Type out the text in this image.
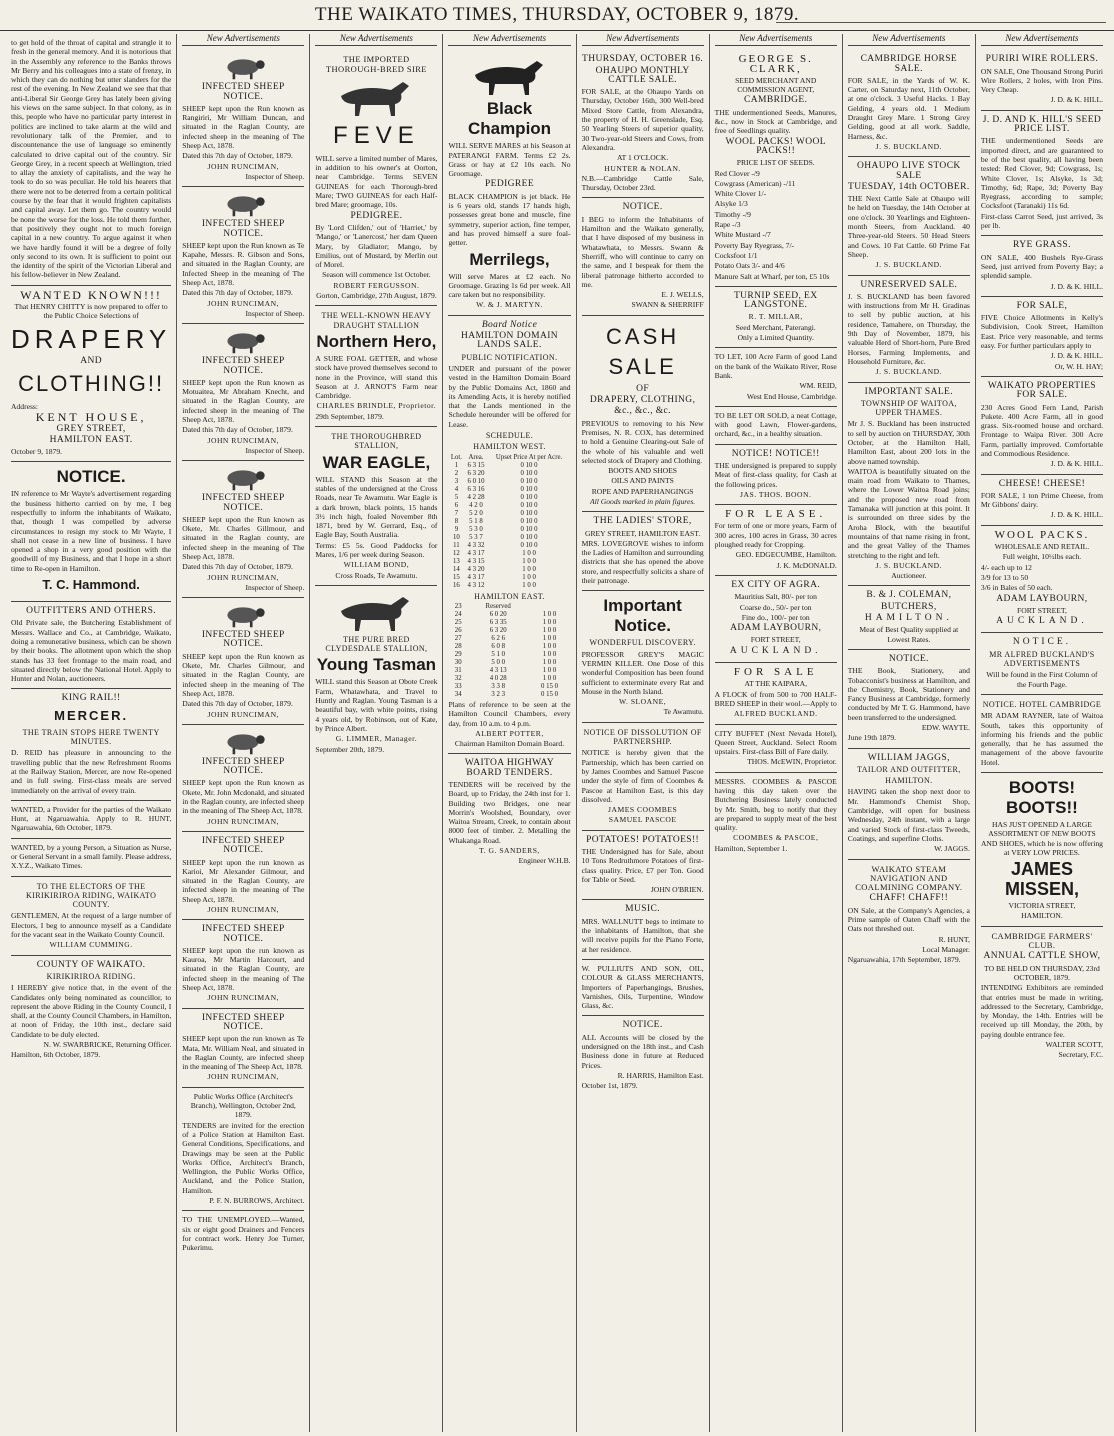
THE WAIKATO TIMES, THURSDAY, OCTOBER 9, 1879.

to get hold of the throat of capital and strangle it to fresh in the general memory. And it is notorious that in the Assembly any reference to the Banks throws Mr Berry and his colleagues into a state of frenzy, in which they can do nothing but utter slanders for the rest of the evening. In New Zealand we see that that anti-Liberal Sir George Grey has lately been giving his views on the same subject. In that colony, as in this, people who have no particular party interest in politics are inclined to take alarm at the wild and revolutionary talk of the Premier, and to discountenance the use of language so eminently calculated to drive capital out of the country. Sir George Grey, in a recent speech at Wellington, tried to allay the anxiety of capitalists, and the way he took to do so was peculiar. He told his hearers that there were not to be deterred from a certain political course by the fear that it would frighten capitalists and capital away. Let them go. The country would be none the worse for the loss. He told them further, that positively they ought not to much foreign capital in a new country. To argue against it when we have hardly found it will be a degree of folly only second to its own. It is sufficient to point out the identity of the spirit of the Victorian Liberal and his fellow-believer in New Zealand.

WANTED KNOWN!!!

That HENRY CHITTY is now prepared to offer to the Public Choice Selections of

DRAPERY
AND
CLOTHING!!

Address:

KENT HOUSE,
GREY STREET,
HAMILTON EAST.

October 9, 1879.

NOTICE.

IN reference to Mr Wayte's advertisement regarding the business hitherto carried on by me, I beg respectfully to inform the inhabitants of Waikato, that, though I was compelled by adverse circumstances to resign my stock to Mr Wayte, I shall not cease in a new line of business. I have opened a shop in a very good position with the goodwill of my Business, and that I hope in a short time to Re-open in Hamilton.

T. C. Hammond.
OUTFITTERS AND OTHERS.

Old Private sale, the Butchering Establishment of Messrs. Wallace and Co., at Cambridge, Waikato, doing a remunerative business, which can be shown by their books. The allotment upon which the shop stands has 33 feet frontage to the main road, and situated directly below the National Hotel. Apply to Hunter and Nolan, auctioneers.

KING RAIL!!
MERCER.
THE TRAIN STOPS HERE TWENTY MINUTES.

D. REID has pleasure in announcing to the travelling public that the new Refreshment Rooms at the Railway Station, Mercer, are now Re-opened and in full swing. First-class meals are served immediately on the arrival of every train.

WANTED, a Provider for the parties of the Waikato Hunt, at Ngaruawahia. Apply to R. HUNT, Ngaruawahia, 6th October, 1879.

WANTED, by a young Person, a Situation as Nurse, or General Servant in a small family. Please address, X.Y.Z., Waikato Times.

TO THE ELECTORS OF THE KIRIKIRIROA RIDING, WAIKATO COUNTY.

GENTLEMEN, At the request of a large number of Electors, I beg to announce myself as a Candidate for the vacant seat in the Waikato County Council.

WILLIAM CUMMING.

COUNTY OF WAIKATO.
KIRIKIRIROA RIDING.

I HEREBY give notice that, in the event of the Candidates only being nominated as councillor, to represent the above Riding in the County Council, I shall, at the County Council Chambers, in Hamilton, at noon of Friday, the 10th inst., declare said Candidate to be duly elected.

N. W. SWARBRICKE, Returning Officer.

Hamilton, 6th October, 1879.

New Advertisements
INFECTED SHEEP NOTICE.

SHEEP kept upon the Run known as Rangiriri, Mr William Duncan, and situated in the Raglan County, are infected sheep in the meaning of The Sheep Act, 1878.

Dated this 7th day of October, 1879.

JOHN RUNCIMAN,

Inspector of Sheep.

INFECTED SHEEP NOTICE.

SHEEP kept upon the Run known as Te Kapahe, Messrs. R. Gibson and Sons, and situated in the Raglan County, are Infected Sheep in the meaning of The Sheep Act, 1878.

Dated this 7th day of October, 1879.

JOHN RUNCIMAN,

Inspector of Sheep.

INFECTED SHEEP NOTICE.

SHEEP kept upon the Run known as Motuaitea, Mr Abraham Knecht, and situated in the Raglan County, are infected sheep in the meaning of The Sheep Act, 1878.

Dated this 7th day of October, 1879.

JOHN RUNCIMAN,

Inspector of Sheep.

INFECTED SHEEP NOTICE.

SHEEP kept upon the Run known as Okete, Mr. Charles Gillmour, and situated in the Raglan county, are infected sheep in the meaning of The Sheep Act, 1878.

Dated this 7th day of October, 1879.

JOHN RUNCIMAN,

Inspector of Sheep.

INFECTED SHEEP NOTICE.

SHEEP kept upon the Run known as Okete, Mr. Charles Gilmour, and situated in the Raglan County, are infected sheep in the meaning of The Sheep Act, 1878.

Dated this 7th day of October, 1879.

JOHN RUNCIMAN,

INFECTED SHEEP NOTICE.

SHEEP kept upon the Run known as Okete, Mr. John Mcdonald, and situated in the Raglan county, are infected sheep in the meaning of The Sheep Act, 1878.

JOHN RUNCIMAN,

INFECTED SHEEP NOTICE.

SHEEP kept upon the run known as Karioi, Mr Alexander Gilmour, and situated in the Raglan County, are infected sheep in the meaning of The Sheep Act, 1878.

JOHN RUNCIMAN,

INFECTED SHEEP NOTICE.

SHEEP kept upon the run known as Kauroa, Mr Martin Harcourt, and situated in the Raglan County, are infected sheep in the meaning of The Sheep Act, 1878.

JOHN RUNCIMAN,

INFECTED SHEEP NOTICE.

SHEEP kept upon the run known as Te Mata, Mr. William Neal, and situated in the Raglan County, are infected sheep in the meaning of The Sheep Act, 1878.

JOHN RUNCIMAN,

Public Works Office (Architect's Branch), Wellington, October 2nd, 1879.

TENDERS are invited for the erection of a Police Station at Hamilton East. General Conditions, Specifications, and Drawings may be seen at the Public Works Office, Architect's Branch, Wellington, the Public Works Office, Auckland, and the Police Station, Hamilton.

P. F. N. BURROWS, Architect.

TO THE UNEMPLOYED.—Wanted, six or eight good Drainers and Fencers for contract work. Henry Joe Turner, Pukerimu.

New Advertisements
THE IMPORTED THOROUGH-BRED SIRE
FEVE

WILL serve a limited number of Mares, in addition to his owner's at Oorton, near Cambridge. Terms SEVEN GUINEAS for each Thorough-bred Mare; TWO GUINEAS for each Half-bred Mare; groomage, 10s.

PEDIGREE.

By 'Lord Clifden,' out of 'Harriet,' by 'Mango,' or 'Lanercost,' her dam Queen Mary, by Gladiator; Mango, by Emilius, out of Mustard, by Merlin out of Morel.

Season will commence 1st October.

ROBERT FERGUSSON.

Gorton, Cambridge, 27th August, 1879.

THE WELL-KNOWN HEAVY DRAUGHT STALLION
Northern Hero,

A SURE FOAL GETTER, and whose stock have proved themselves second to none in the Province, will stand this Season at J. ARNOT'S Farm near Cambridge.

CHARLES BRINDLE, Proprietor.

29th September, 1879.

THE THOROUGHBRED STALLION,
WAR EAGLE,

WILL STAND this Season at the stables of the undersigned at the Cross Roads, near Te Awamutu. War Eagle is a dark brown, black points, 15 hands 3½ inch high, foaled November 8th 1871, bred by W. Gerrard, Esq., of Eagle Bay, South Australia.

Terms: £5 5s. Good Paddocks for Mares, 1/6 per week during Season.

WILLIAM BOND,

Cross Roads, Te Awamutu.

THE PURE BRED CLYDESDALE STALLION,
Young Tasman

WILL stand this Season at Obote Creek Farm, Whatawhata, and Travel to Huntly and Raglan. Young Tasman is a beautiful bay, with white points, rising 4 years old, by Robinson, out of Kate, by Prince Albert.

G. LIMMER, Manager.

September 20th, 1879.

New Advertisements
Black Champion

WILL SERVE MARES at his Season at PATERANGI FARM. Terms £2 2s. Grass or hay at £2 10s each. No Groomage.

PEDIGREE

BLACK CHAMPION is jet black. He is 6 years old, stands 17 hands high, possesses great bone and muscle, fine symmetry, superior action, fine temper, and has proved himself a sure foal-getter.

Merrilegs,

Will serve Mares at £2 each. No Groomage. Grazing 1s 6d per week. All care taken but no responsibility.

W. & J. MARTYN.

Board Notice
HAMILTON DOMAIN LANDS SALE.
PUBLIC NOTIFICATION.

UNDER and pursuant of the power vested in the Hamilton Domain Board by the Public Domains Act, 1860 and its Amending Acts, it is hereby notified that the Lands mentioned in the Schedule hereunder will be offered for Lease.

SCHEDULE.
HAMILTON WEST.
Lot.	Area.	Upset Price At per Acre.
1	6 3 15	0 10 0
2	6 3 20	0 10 0
3	6 0 10	0 10 0
4	6 3 16	0 10 0
5	4 2 28	0 10 0
6	4 2 0	0 10 0
7	5 2 0	0 10 0
8	5 1 8	0 10 0
9	5 3 0	0 10 0
10	5 3 7	0 10 0
11	4 3 32	0 10 0
12	4 3 17	1 0 0
13	4 3 15	1 0 0
14	4 3 20	1 0 0
15	4 3 17	1 0 0
16	4 3 12	1 0 0
HAMILTON EAST.
23	Reserved	
24	6 0 20	1 0 0
25	6 3 35	1 0 0
26	6 3 20	1 0 0
27	6 2 6	1 0 0
28	6 0 8	1 0 0
29	5 1 0	1 0 0
30	5 0 0	1 0 0
31	4 3 13	1 0 0
32	4 0 28	1 0 0
33	3 3 8	0 15 0
34	3 2 3	0 15 0

Plans of reference to be seen at the Hamilton Council Chambers, every day, from 10 a.m. to 4 p.m.

ALBERT POTTER,

Chairman Hamilton Domain Board.

WAITOA HIGHWAY BOARD TENDERS.

TENDERS will be received by the Board, up to Friday, the 24th inst for 1. Building two Bridges, one near Morrin's Woolshed, Boundary, over Waitoa Stream, Creek, to contain about 8000 feet of timber. 2. Metalling the Whakanga Road.

T. G. SANDERS,

Engineer W.H.B.

New Advertisements
THURSDAY, OCTOBER 16.
OHAUPO MONTHLY CATTLE SALE.

FOR SALE, at the Ohaupo Yards on Thursday, October 16th, 300 Well-bred Mixed Store Cattle, from Alexandra, the property of H. H. Greenslade, Esq. 50 Yearling Steers of superior quality, 30 Two-year-old Steers and Cows, from Alexandra.

AT 1 O'CLOCK.

HUNTER & NOLAN.

N.B.—Cambridge Cattle Sale, Thursday, October 23rd.

NOTICE.

I BEG to inform the Inhabitants of Hamilton and the Waikato generally, that I have disposed of my business in Whatawhata, to Messrs. Swann & Sherriff, who will continue to carry on the same, and I bespeak for them the liberal patronage hitherto accorded to me.

E. J. WELLS,

SWANN & SHERRIFF

CASH SALE
OF
DRAPERY, CLOTHING,
&c., &c., &c.

PREVIOUS to removing to his New Premises, N. R. COX, has determined to hold a Genuine Clearing-out Sale of the whole of his valuable and well selected stock of Drapery and Clothing.

BOOTS AND SHOES

OILS AND PAINTS

ROPE AND PAPERHANGINGS

All Goods marked in plain figures.

THE LADIES' STORE,

GREY STREET, HAMILTON EAST.

MRS. LOVEGROVE wishes to inform the Ladies of Hamilton and surrounding districts that she has opened the above store, and respectfully solicits a share of their patronage.

Important Notice.
WONDERFUL DISCOVERY.

PROFESSOR GREY'S MAGIC VERMIN KILLER. One Dose of this wonderful Composition has been found sufficient to exterminate every Rat and Mouse in the North Island.

W. SLOANE,

Te Awamutu.

NOTICE OF DISSOLUTION OF PARTNERSHIP.

NOTICE is hereby given that the Partnership, which has been carried on by James Coombes and Samuel Pascoe under the style of firm of Coombes & Pascoe at Hamilton East, is this day dissolved.

JAMES COOMBES

SAMUEL PASCOE

POTATOES! POTATOES!!

THE Undersigned has for Sale, about 10 Tons Redruthmore Potatoes of first-class quality. Price, £7 per Ton. Good for Table or Seed.

JOHN O'BRIEN.

MUSIC.

MRS. WALLNUTT begs to intimate to the inhabitants of Hamilton, that she will receive pupils for the Piano Forte, at her residence.

W. PULLIUTS AND SON, OIL, COLOUR & GLASS MERCHANTS, Importers of Paperhangings, Brushes, Varnishes, Oils, Turpentine, Window Glass, &c.

NOTICE.

ALL Accounts will be closed by the undersigned on the 18th inst., and Cash Business done in future at Reduced Prices.

R. HARRIS, Hamilton East.

October 1st, 1879.

New Advertisements
GEORGE S. CLARK,

SEED MERCHANT AND COMMISSION AGENT,

CAMBRIDGE.

THE undermentioned Seeds, Manures, &c., now in Stock at Cambridge, and free of Seedlings quality.

WOOL PACKS! WOOL PACKS!!

PRICE LIST OF SEEDS.

Red Clover -/9

Cowgrass (American) -/11

White Clover 1/-

Alsyke 1/3

Timothy -/9

Rape -/3

White Mustard -/7

Poverty Bay Ryegrass, 7/-

Cocksfoot 1/1

Potato Oats 3/- and 4/6

Manure Salt at Wharf, per ton, £5 10s

TURNIP SEED, EX LANGSTONE.

R. T. MILLAR,

Seed Merchant, Paterangi.

Only a Limited Quantity.

TO LET, 100 Acre Farm of good Land on the bank of the Waikato River, Rose Bank.

WM. REID,

West End House, Cambridge.

TO BE LET OR SOLD, a neat Cottage, with good Lawn, Flower-gardens, orchard, &c., in a healthy situation.

NOTICE! NOTICE!!

THE undersigned is prepared to supply Meat of first-class quality, for Cash at the following prices.

JAS. THOS. BOON.

FOR LEASE.

For term of one or more years, Farm of 300 acres, 100 acres in Grass, 30 acres ploughed ready for Cropping.

GEO. EDGECUMBE, Hamilton.

J. K. McDONALD.

EX CITY OF AGRA.

Mauritius Salt, 80/- per ton

Coarse do., 50/- per ton

Fine do., 100/- per ton

ADAM LAYBOURN,

FORT STREET,

AUCKLAND.
FOR SALE

AT THE KAIPARA,

A FLOCK of from 500 to 700 HALF-BRED SHEEP in their wool.—Apply to

ALFRED BUCKLAND.

CITY BUFFET (Next Nevada Hotel), Queen Street, Auckland. Select Room upstairs. First-class Bill of Fare daily.

THOS. McEWIN, Proprietor.

MESSRS. COOMBES & PASCOE having this day taken over the Butchering Business lately conducted by Mr. Smith, beg to notify that they are prepared to supply meat of the best quality.

COOMBES & PASCOE,

Hamilton, September 1.

New Advertisements
CAMBRIDGE HORSE SALE.

FOR SALE, in the Yards of W. K. Carter, on Saturday next, 11th October, at one o'clock. 3 Useful Hacks. 1 Bay Gelding, 4 years old. 1 Medium Draught Grey Mare. 1 Strong Grey Gelding, good at all work. Saddle, Harness, &c.

J. S. BUCKLAND.

OHAUPO LIVE STOCK SALE
TUESDAY, 14th OCTOBER.

THE Next Cattle Sale at Ohaupo will be held on Tuesday, the 14th October at one o'clock. 30 Yearlings and Eighteen-month Steers, from Auckland. 40 Three-year-old Steers. 50 Head Steers and Cows. 10 Fat Cattle. 60 Prime Fat Sheep.

J. S. BUCKLAND.

UNRESERVED SALE.

J. S. BUCKLAND has been favored with instructions from Mr H. Gradinas to sell by public auction, at his residence, Tamahere, on Thursday, the 9th Day of November, 1879, his valuable Herd of Short-horn, Pure Bred Horses, Farming Implements, and Household Furniture, &c.

J. S. BUCKLAND.

IMPORTANT SALE.
TOWNSHIP OF WAITOA, UPPER THAMES.

Mr J. S. Buckland has been instructed to sell by auction on THURSDAY, 30th October, at the Hamilton Hall, Hamilton East, about 200 lots in the above named township.

WAITOA is beautifully situated on the main road from Waikato to Thames, where the Lower Waitoa Road joins; and the proposed new road from Tamanaka will junction at this point. It is surrounded on three sides by the Aroha Block, with the beautiful mountains of that name rising in front, and the great Valley of the Thames stretching to the right and left.

J. S. BUCKLAND.

Auctioneer.

B. & J. COLEMAN,
BUTCHERS,
HAMILTON.

Meat of Best Quality supplied at Lowest Rates.

NOTICE.

THE Book, Stationery, and Tobacconist's business at Hamilton, and the Chemistry, Book, Stationery and Fancy Business at Cambridge, formerly conducted by Mr T. G. Hammond, have been transferred to the undersigned.

EDW. WAYTE.

June 19th 1879.

WILLIAM JAGGS,
TAILOR AND OUTFITTER,
HAMILTON.

HAVING taken the shop next door to Mr. Hammond's Chemist Shop, Cambridge, will open for business Wednesday, 24th instant, with a large and varied Stock of first-class Tweeds, Coatings, and superfine Cloths.

W. JAGGS.

WAIKATO STEAM NAVIGATION AND COALMINING COMPANY.
CHAFF! CHAFF!!

ON Sale, at the Company's Agencies, a Prime sample of Oaten Chaff with the Oats not threshed out.

R. HUNT,

Local Manager.

Ngaruawahia, 17th September, 1879.

New Advertisements
PURIRI WIRE ROLLERS.

ON SALE, One Thousand Strong Puriri Wire Rollers, 2 holes, with Iron Pins. Very Cheap.

J. D. & K. HILL.

J. D. AND K. HILL'S SEED PRICE LIST.

THE undermentioned Seeds are imported direct, and are guaranteed to be of the best quality, all having been tested: Red Clover, 9d; Cowgrass, 1s; White Clover, 1s; Alsyke, 1s 3d; Timothy, 6d; Rape, 3d; Poverty Bay Ryegrass, according to sample; Cocksfoot (Taranaki) 11s 6d.

First-class Carrot Seed, just arrived, 3s per lb.

RYE GRASS.

ON SALE, 400 Bushels Rye-Grass Seed, just arrived from Poverty Bay; a splendid sample.

J. D. & K. HILL.

FOR SALE,

FIVE Choice Allotments in Kelly's Subdivision, Cook Street, Hamilton East. Price very reasonable, and terms easy. For further particulars apply to

J. D. & K. HILL.

Or, W. H. HAY;

WAIKATO PROPERTIES FOR SALE.

230 Acres Good Fern Land, Parish Pukete. 400 Acre Farm, all in good grass. Six-roomed house and orchard. Frontage to Waipa River. 300 Acre Farm, partially improved. Comfortable and Commodious Residence.

J. D. & K. HILL.

CHEESE! CHEESE!

FOR SALE, 1 ton Prime Cheese, from Mr Gibbons' dairy.

J. D. & K. HILL.

WOOL PACKS.

WHOLESALE AND RETAIL.

Full weight, 10½lbs each.

4/- each up to 12

3/9 for 13 to 50

3/6 in Bales of 50 each.

ADAM LAYBOURN,

FORT STREET,

AUCKLAND.
NOTICE.
MR ALFRED BUCKLAND'S ADVERTISEMENTS

Will be found in the First Column of the Fourth Page.

NOTICE. HOTEL CAMBRIDGE

MR ADAM RAYNER, late of Waitoa South, takes this opportunity of informing his friends and the public generally, that he has assumed the management of the above favourite Hotel.

BOOTS! BOOTS!!

HAS JUST OPENED A LARGE ASSORTMENT OF NEW BOOTS AND SHOES, which he is now offering at VERY LOW PRICES.

JAMES MISSEN,

VICTORIA STREET,

HAMILTON.

CAMBRIDGE FARMERS' CLUB.
ANNUAL CATTLE SHOW,

TO BE HELD ON THURSDAY, 23rd OCTOBER, 1879.

INTENDING Exhibitors are reminded that entries must be made in writing, addressed to the Secretary, Cambridge, by Monday, the 14th. Entries will be received up till Monday, the 20th, by paying double entrance fee.

WALTER SCOTT,

Secretary, F.C.
